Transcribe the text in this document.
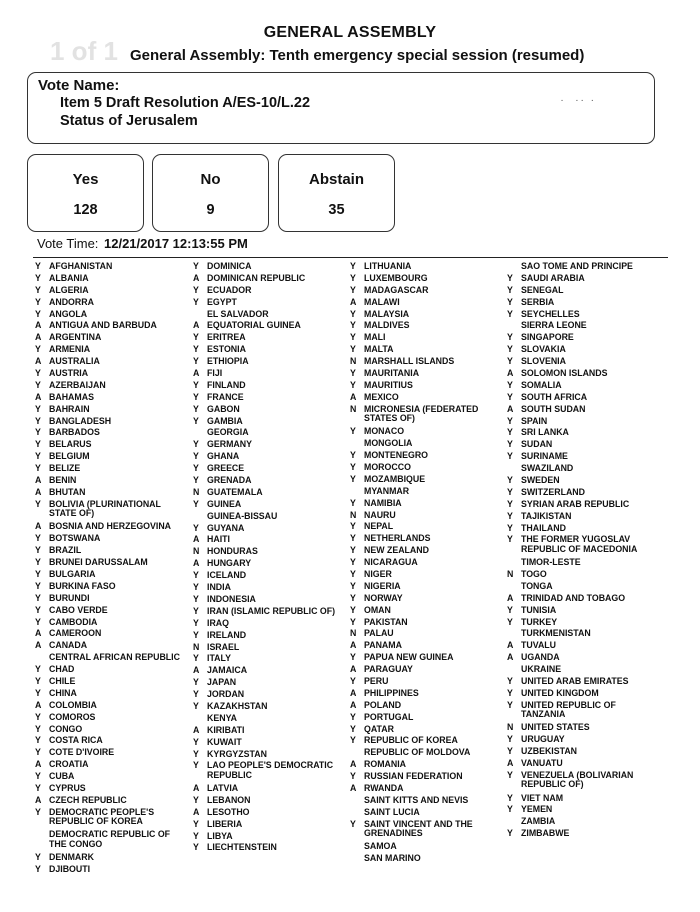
1 of 1
GENERAL ASSEMBLY
General Assembly: Tenth emergency special session (resumed)
Vote Name:
Item 5 Draft Resolution A/ES-10/L.22
Status of Jerusalem
·  ·· ·
Yes
128
No
9
Abstain
35
Vote Time: 12/21/2017 12:13:55 PM
Y AFGHANISTAN
Y ALBANIA
Y ALGERIA
Y ANDORRA
Y ANGOLA
A ANTIGUA AND BARBUDA
A ARGENTINA
Y ARMENIA
A AUSTRALIA
Y AUSTRIA
Y AZERBAIJAN
A BAHAMAS
Y BAHRAIN
Y BANGLADESH
Y BARBADOS
Y BELARUS
Y BELGIUM
Y BELIZE
A BENIN
A BHUTAN
Y BOLIVIA (PLURINATIONAL STATE OF)
A BOSNIA AND HERZEGOVINA
Y BOTSWANA
Y BRAZIL
Y BRUNEI DARUSSALAM
Y BULGARIA
Y BURKINA FASO
Y BURUNDI
Y CABO VERDE
Y CAMBODIA
A CAMEROON
A CANADA
CENTRAL AFRICAN REPUBLIC
Y CHAD
Y CHILE
Y CHINA
A COLOMBIA
Y COMOROS
Y CONGO
Y COSTA RICA
Y COTE D'IVOIRE
A CROATIA
Y CUBA
Y CYPRUS
A CZECH REPUBLIC
Y DEMOCRATIC PEOPLE'S REPUBLIC OF KOREA
DEMOCRATIC REPUBLIC OF THE CONGO
Y DENMARK
Y DJIBOUTI
Y DOMINICA
A DOMINICAN REPUBLIC
Y ECUADOR
Y EGYPT
EL SALVADOR
A EQUATORIAL GUINEA
Y ERITREA
Y ESTONIA
Y ETHIOPIA
A FIJI
Y FINLAND
Y FRANCE
Y GABON
Y GAMBIA
GEORGIA
Y GERMANY
Y GHANA
Y GREECE
Y GRENADA
N GUATEMALA
Y GUINEA
GUINEA-BISSAU
Y GUYANA
A HAITI
N HONDURAS
A HUNGARY
Y ICELAND
Y INDIA
Y INDONESIA
Y IRAN (ISLAMIC REPUBLIC OF)
Y IRAQ
Y IRELAND
N ISRAEL
Y ITALY
A JAMAICA
Y JAPAN
Y JORDAN
Y KAZAKHSTAN
KENYA
A KIRIBATI
Y KUWAIT
Y KYRGYZSTAN
Y LAO PEOPLE'S DEMOCRATIC REPUBLIC
A LATVIA
Y LEBANON
A LESOTHO
Y LIBERIA
Y LIBYA
Y LIECHTENSTEIN
Y LITHUANIA
Y LUXEMBOURG
Y MADAGASCAR
A MALAWI
Y MALAYSIA
Y MALDIVES
Y MALI
Y MALTA
N MARSHALL ISLANDS
Y MAURITANIA
Y MAURITIUS
A MEXICO
N MICRONESIA (FEDERATED STATES OF)
Y MONACO
MONGOLIA
Y MONTENEGRO
Y MOROCCO
Y MOZAMBIQUE
MYANMAR
Y NAMIBIA
N NAURU
Y NEPAL
Y NETHERLANDS
Y NEW ZEALAND
Y NICARAGUA
Y NIGER
Y NIGERIA
Y NORWAY
Y OMAN
Y PAKISTAN
N PALAU
A PANAMA
Y PAPUA NEW GUINEA
A PARAGUAY
Y PERU
A PHILIPPINES
A POLAND
Y PORTUGAL
Y QATAR
Y REPUBLIC OF KOREA
REPUBLIC OF MOLDOVA
A ROMANIA
Y RUSSIAN FEDERATION
A RWANDA
SAINT KITTS AND NEVIS
SAINT LUCIA
Y SAINT VINCENT AND THE GRENADINES
SAMOA
SAN MARINO
SAO TOME AND PRINCIPE
Y SAUDI ARABIA
Y SENEGAL
Y SERBIA
Y SEYCHELLES
SIERRA LEONE
Y SINGAPORE
Y SLOVAKIA
Y SLOVENIA
A SOLOMON ISLANDS
Y SOMALIA
Y SOUTH AFRICA
A SOUTH SUDAN
Y SPAIN
Y SRI LANKA
Y SUDAN
Y SURINAME
SWAZILAND
Y SWEDEN
Y SWITZERLAND
Y SYRIAN ARAB REPUBLIC
Y TAJIKISTAN
Y THAILAND
Y THE FORMER YUGOSLAV REPUBLIC OF MACEDONIA
TIMOR-LESTE
N TOGO
TONGA
A TRINIDAD AND TOBAGO
Y TUNISIA
Y TURKEY
TURKMENISTAN
A TUVALU
A UGANDA
UKRAINE
Y UNITED ARAB EMIRATES
Y UNITED KINGDOM
Y UNITED REPUBLIC OF TANZANIA
N UNITED STATES
Y URUGUAY
Y UZBEKISTAN
A VANUATU
Y VENEZUELA (BOLIVARIAN REPUBLIC OF)
Y VIET NAM
Y YEMEN
ZAMBIA
Y ZIMBABWE
